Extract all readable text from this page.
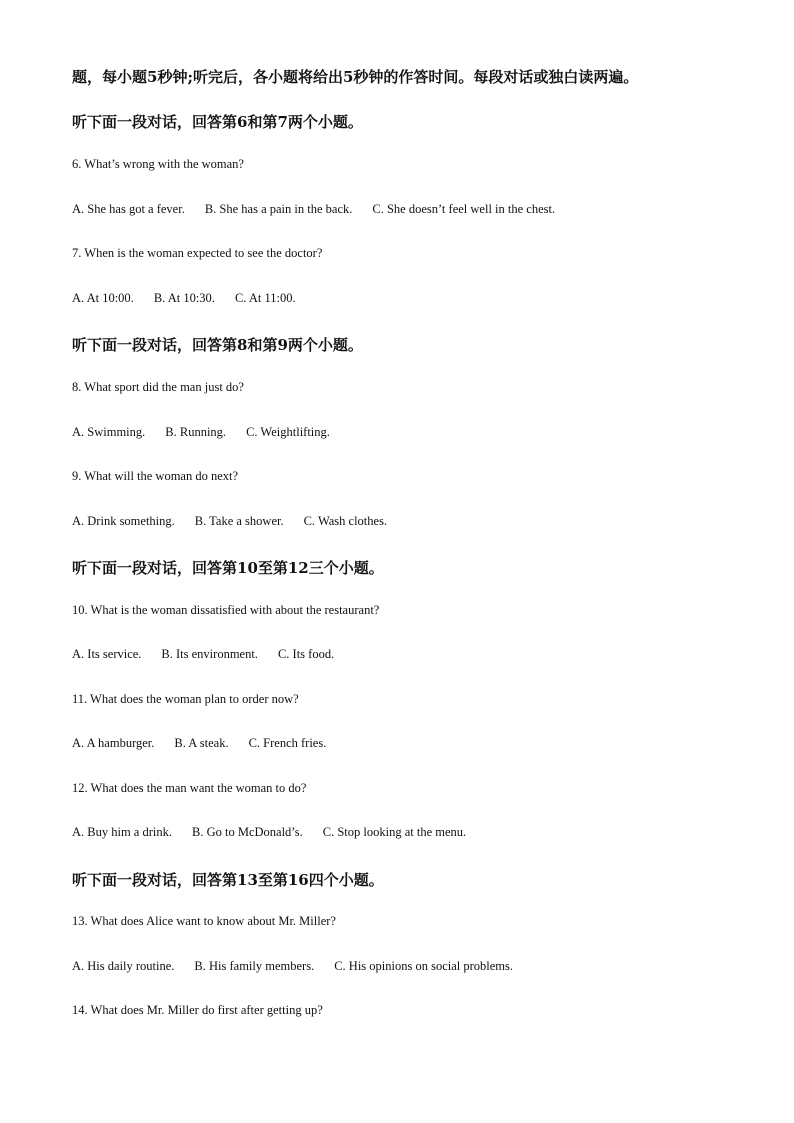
题，每小题5秒钟;听完后，各小题将给出5秒钟的作答时间。每段对话或独白读两遍。
听下面一段对话，回答第6和第7两个小题。
6. What’s wrong with the woman?
A. She has got a fever. B. She has a pain in the back. C. She doesn’t feel well in the chest.
7. When is the woman expected to see the doctor?
A. At 10:00. B. At 10:30. C. At 11:00.
听下面一段对话，回答第8和第9两个小题。
8. What sport did the man just do?
A. Swimming. B. Running. C. Weightlifting.
9. What will the woman do next?
A. Drink something. B. Take a shower. C. Wash clothes.
听下面一段对话，回答第10至第12三个小题。
10. What is the woman dissatisfied with about the restaurant?
A. Its service. B. Its environment. C. Its food.
11. What does the woman plan to order now?
A. A hamburger. B. A steak. C. French fries.
12. What does the man want the woman to do?
A. Buy him a drink. B. Go to McDonald’s. C. Stop looking at the menu.
听下面一段对话，回答第13至第16四个小题。
13. What does Alice want to know about Mr. Miller?
A. His daily routine. B. His family members. C. His opinions on social problems.
14. What does Mr. Miller do first after getting up?
